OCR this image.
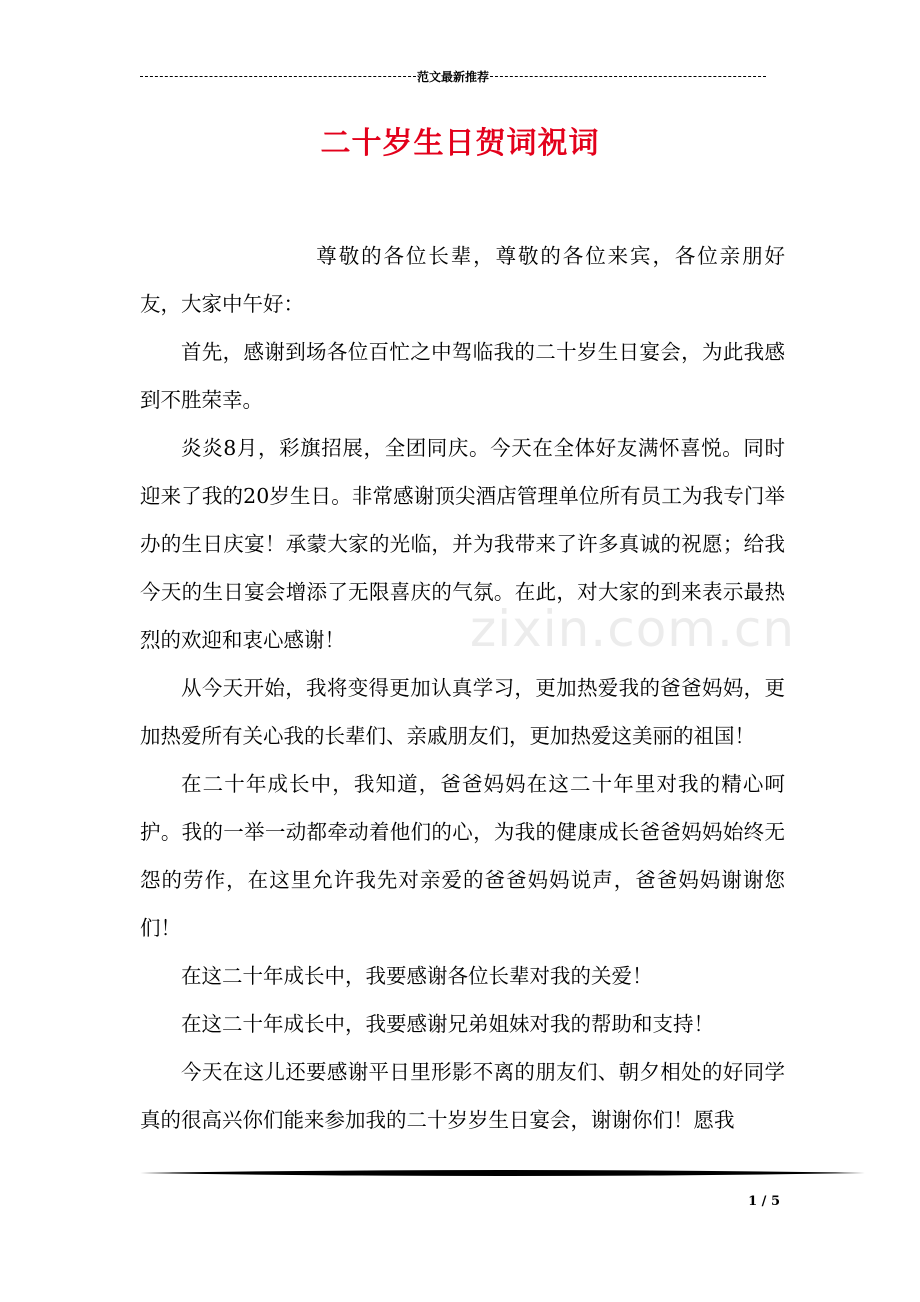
范文最新推荐
二十岁生日贺词祝词

尊敬的各位长辈，尊敬的各位来宾，各位亲朋好友，大家中午好：

首先，感谢到场各位百忙之中驾临我的二十岁生日宴会，为此我感到不胜荣幸。

炎炎8月，彩旗招展，全团同庆。今天在全体好友满怀喜悦。同时迎来了我的20岁生日。非常感谢顶尖酒店管理单位所有员工为我专门举办的生日庆宴！承蒙大家的光临，并为我带来了许多真诚的祝愿；给我今天的生日宴会增添了无限喜庆的气氛。在此，对大家的到来表示最热烈的欢迎和衷心感谢！

从今天开始，我将变得更加认真学习，更加热爱我的爸爸妈妈，更加热爱所有关心我的长辈们、亲戚朋友们，更加热爱这美丽的祖国！

在二十年成长中，我知道，爸爸妈妈在这二十年里对我的精心呵护。我的一举一动都牵动着他们的心，为我的健康成长爸爸妈妈始终无怨的劳作，在这里允许我先对亲爱的爸爸妈妈说声，爸爸妈妈谢谢您们！

在这二十年成长中，我要感谢各位长辈对我的关爱！

在这二十年成长中，我要感谢兄弟姐妹对我的帮助和支持！

今天在这儿还要感谢平日里形影不离的朋友们、朝夕相处的好同学真的很高兴你们能来参加我的二十岁岁生日宴会，谢谢你们！愿我

zixin.com.cn
1 / 5
